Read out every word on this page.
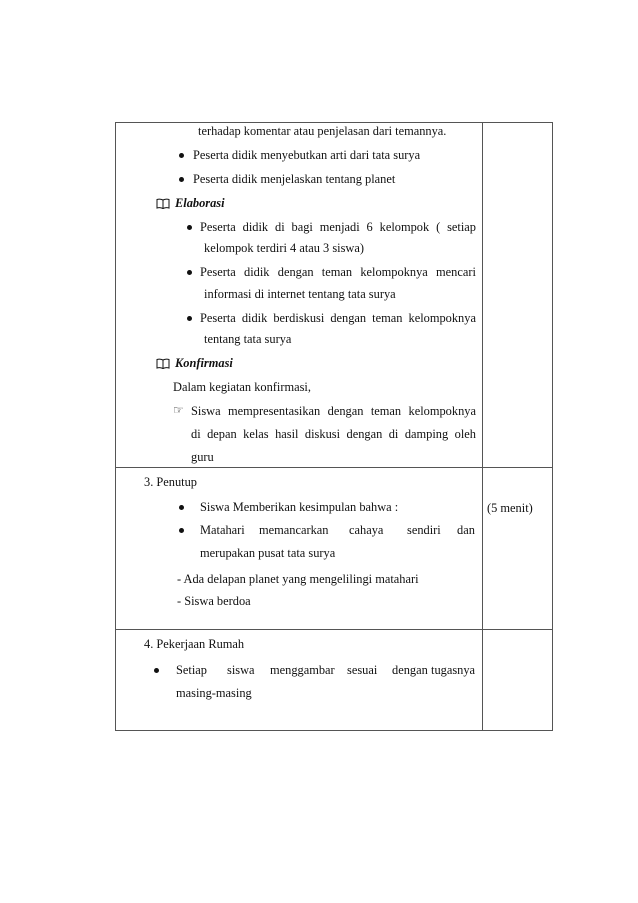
terhadap komentar atau penjelasan dari temannya.
Peserta didik menyebutkan arti dari tata surya
Peserta didik menjelaskan tentang planet
Elaborasi
Peserta didik di bagi menjadi 6 kelompok ( setiap
kelompok terdiri 4 atau 3 siswa)
Peserta didik dengan teman kelompoknya mencari
informasi di internet tentang tata surya
Peserta didik berdiskusi dengan teman kelompoknya
tentang tata surya
Konfirmasi
Dalam kegiatan konfirmasi,
☞ Siswa mempresentasikan dengan teman kelompoknya
di depan kelas hasil diskusi dengan di damping oleh
guru
3. Penutup
(5 menit)
Siswa Memberikan kesimpulan bahwa :
Matahari memancarkan cahaya sendiri dan
merupakan pusat tata surya
- Ada delapan planet yang mengelilingi matahari
- Siswa berdoa
4. Pekerjaan Rumah
Setiap siswa menggambar sesuai dengan tugasnya
masing-masing
